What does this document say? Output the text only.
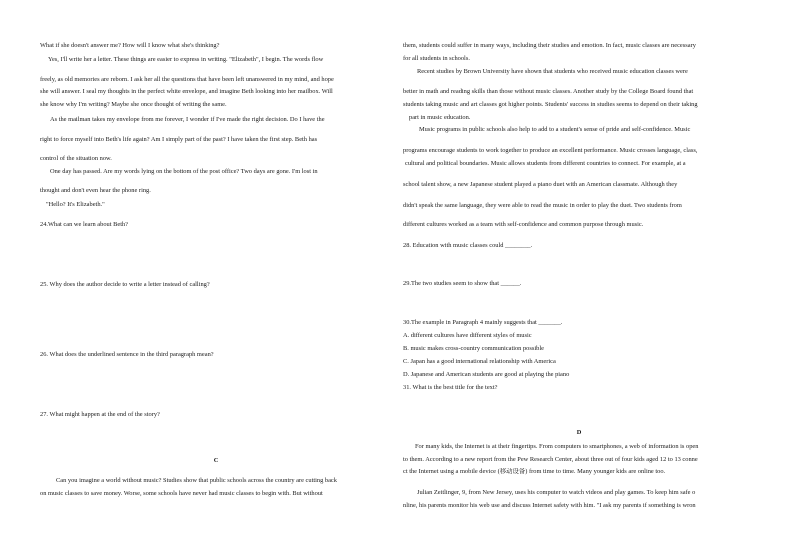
What if she doesn't answer me? How will I know what she's thinking?
Yes, I'll write her a letter. These things are easier to express in writing. "Elizabeth", I begin. The words flow
freely, as old memories are reborn. I ask her all the questions that have been left unanswered in my mind, and hope
she will answer. I seal my thoughts in the perfect white envelope, and imagine Beth looking into her mailbox. Will
she know why I'm writing? Maybe she once thought of writing the same.
As the mailman takes my envelope from me forever, I wonder if I've made the right decision. Do I have the
right to force myself into Beth's life again? Am I simply part of the past? I have taken the first step. Beth has
control of the situation now.
One day has passed. Are my words lying on the bottom of the post office? Two days are gone. I'm lost in
thought and don't even hear the phone ring.
"Hello? It's Elizabeth."
24.What can we learn about Beth?
25. Why does the author decide to write a letter instead of calling?
26. What does the underlined sentence in the third paragraph mean?
27. What might happen at the end of the story?
C
Can you imagine a world without music? Studies show that public schools across the country are cutting back
on music classes to save money. Worse, some schools have never had music classes to begin with. But without
them, students could suffer in many ways, including their studies and emotion. In fact, music classes are necessary
for all students in schools.
Recent studies by Brown University have shown that students who received music education classes were
better in math and reading skills than those without music classes. Another study by the College Board found that
students taking music and art classes got higher points. Students' success in studies seems to depend on their taking
part in music education.
Music programs in public schools also help to add to a student's sense of pride and self-confidence. Music
programs encourage students to work together to produce an excellent performance. Music crosses language, class,
cultural and political boundaries. Music allows students from different countries to connect. For example, at a
school talent show, a new Japanese student played a piano duet with an American classmate. Although they
didn't speak the same language, they were able to read the music in order to play the duet. Two students from
different cultures worked as a team with self-confidence and common purpose through music.
28. Education with music classes could ________.
29.The two studies seem to show that ______.
30.The example in Paragraph 4 mainly suggests that _______.
A. different cultures have different styles of music
B. music makes cross-country communication possible
C. Japan has a good international relationship with America
D. Japanese and American students are good at playing the piano
31. What is the best title for the text?
D
For many kids, the Internet is at their fingertips. From computers to smartphones, a web of information is open
to them. According to a new report from the Pew Research Center, about three out of four kids aged 12 to 13 conne
ct the Internet using a mobile device (移动设备) from time to time. Many younger kids are online too.
Julian Zeitlinger, 9, from New Jersey, uses his computer to watch videos and play games. To keep him safe o
nline, his parents monitor his web use and discuss Internet safety with him. "I ask my parents if something is wron
